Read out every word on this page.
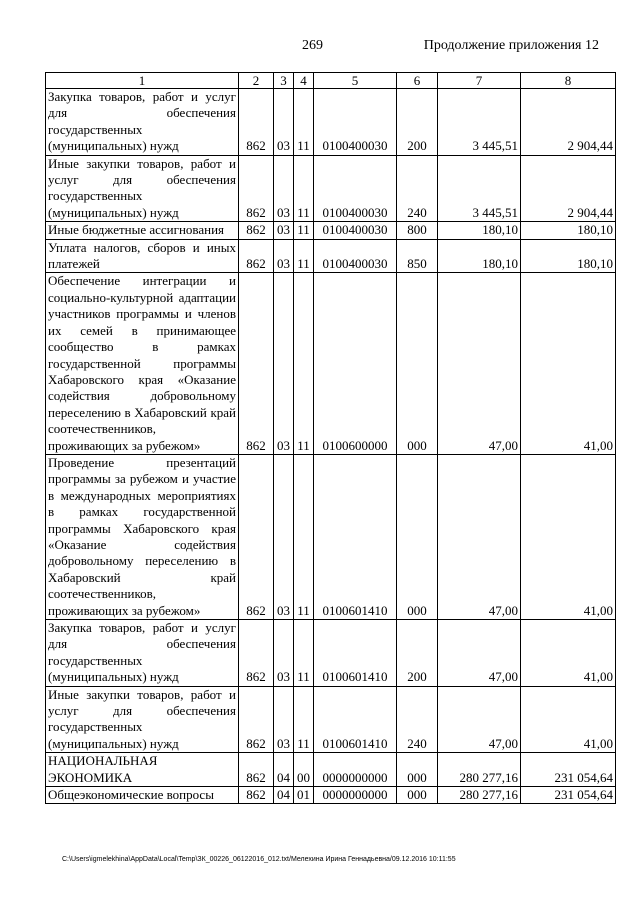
269	Продолжение приложения 12
1	2	3	4	5	6	7	8
Закупка товаров, работ и услуг для обеспечения государственных (муниципальных) нужд	862	03	11	0100400030	200	3 445,51	2 904,44
Иные закупки товаров, работ и услуг для обеспечения государственных (муниципальных) нужд	862	03	11	0100400030	240	3 445,51	2 904,44
Иные бюджетные ассигнования	862	03	11	0100400030	800	180,10	180,10
Уплата налогов, сборов и иных платежей	862	03	11	0100400030	850	180,10	180,10
Обеспечение интеграции и социально-культурной адаптации участников программы и членов их семей в принимающее сообщество в рамках государственной программы Хабаровского края «Оказание содействия добровольному переселению в Хабаровский край соотечественников, проживающих за рубежом»	862	03	11	0100600000	000	47,00	41,00
Проведение презентаций программы за рубежом и участие в международных мероприятиях в рамках государственной программы Хабаровского края «Оказание содействия добровольному переселению в Хабаровский край соотечественников, проживающих за рубежом»	862	03	11	0100601410	000	47,00	41,00
Закупка товаров, работ и услуг для обеспечения государственных (муниципальных) нужд	862	03	11	0100601410	200	47,00	41,00
Иные закупки товаров, работ и услуг для обеспечения государственных (муниципальных) нужд	862	03	11	0100601410	240	47,00	41,00
НАЦИОНАЛЬНАЯ ЭКОНОМИКА	862	04	00	0000000000	000	280 277,16	231 054,64
Общеэкономические вопросы	862	04	01	0000000000	000	280 277,16	231 054,64
C:\Users\igmelekhina\AppData\Local\Temp\ЗК_00226_06122016_012.txt/Мелехина Ирина Геннадьевна/09.12.2016 10:11:55
